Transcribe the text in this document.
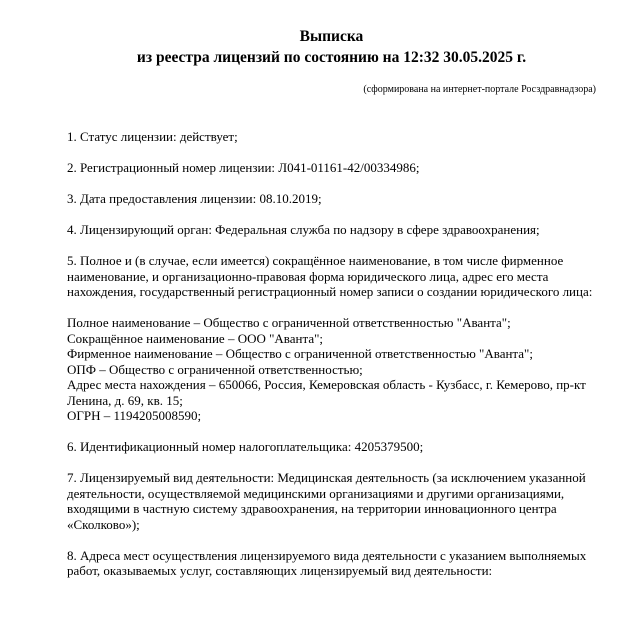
Выписка
из реестра лицензий по состоянию на 12:32 30.05.2025 г.
(сформирована на интернет-портале Росздравнадзора)
1. Статус лицензии: действует;
2. Регистрационный номер лицензии: Л041-01161-42/00334986;
3. Дата предоставления лицензии: 08.10.2019;
4. Лицензирующий орган: Федеральная служба по надзору в сфере здравоохранения;
5. Полное и (в случае, если имеется) сокращённое наименование, в том числе фирменное наименование, и организационно-правовая форма юридического лица, адрес его места нахождения, государственный регистрационный номер записи о создании юридического лица:
Полное наименование – Общество с ограниченной ответственностью "Аванта";
Сокращённое наименование – ООО "Аванта";
Фирменное наименование – Общество с ограниченной ответственностью "Аванта";
ОПФ – Общество с ограниченной ответственностью;
Адрес места нахождения – 650066, Россия, Кемеровская область - Кузбасс, г. Кемерово, пр-кт Ленина, д. 69, кв. 15;
ОГРН – 1194205008590;
6. Идентификационный номер налогоплательщика: 4205379500;
7. Лицензируемый вид деятельности: Медицинская деятельность (за исключением указанной деятельности, осуществляемой медицинскими организациями и другими организациями, входящими в частную систему здравоохранения, на территории инновационного центра «Сколково»);
8. Адреса мест осуществления лицензируемого вида деятельности с указанием выполняемых работ, оказываемых услуг, составляющих лицензируемый вид деятельности:
